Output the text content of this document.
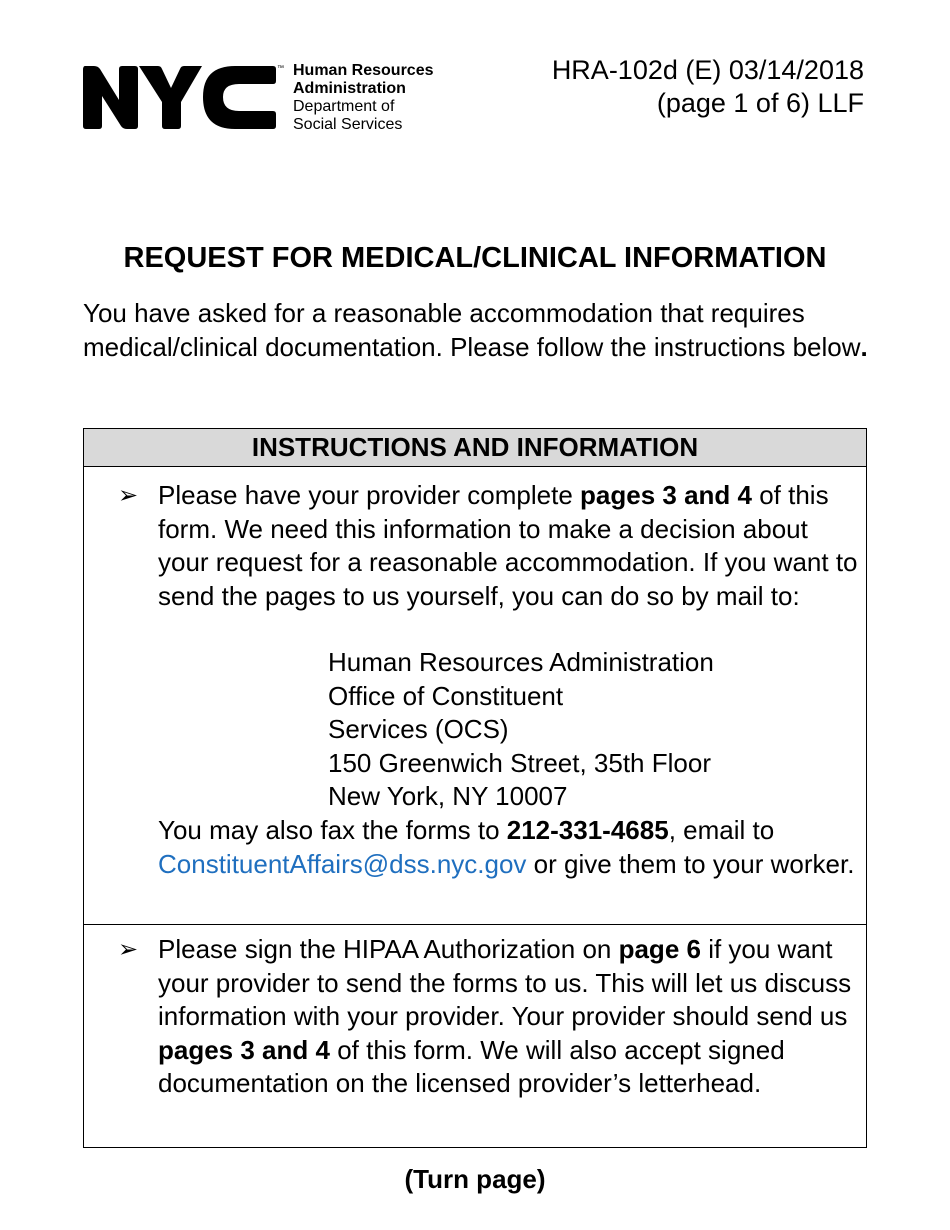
™ Human Resources
Administration
Department of
Social Services
HRA-102d (E) 03/14/2018
(page 1 of 6) LLF
REQUEST FOR MEDICAL/CLINICAL INFORMATION
You have asked for a reasonable accommodation that requires medical/clinical documentation. Please follow the instructions below.
INSTRUCTIONS AND INFORMATION
➢ Please have your provider complete pages 3 and 4 of this form. We need this information to make a decision about your request for a reasonable accommodation. If you want to send the pages to us yourself, you can do so by mail to:
Human Resources Administration
Office of Constituent
Services (OCS)
150 Greenwich Street, 35th Floor
New York, NY 10007
You may also fax the forms to 212-331-4685, email to
ConstituentAffairs@dss.nyc.gov or give them to your worker.
➢ Please sign the HIPAA Authorization on page 6 if you want your provider to send the forms to us. This will let us discuss information with your provider. Your provider should send us pages 3 and 4 of this form. We will also accept signed documentation on the licensed provider’s letterhead.
(Turn page)
